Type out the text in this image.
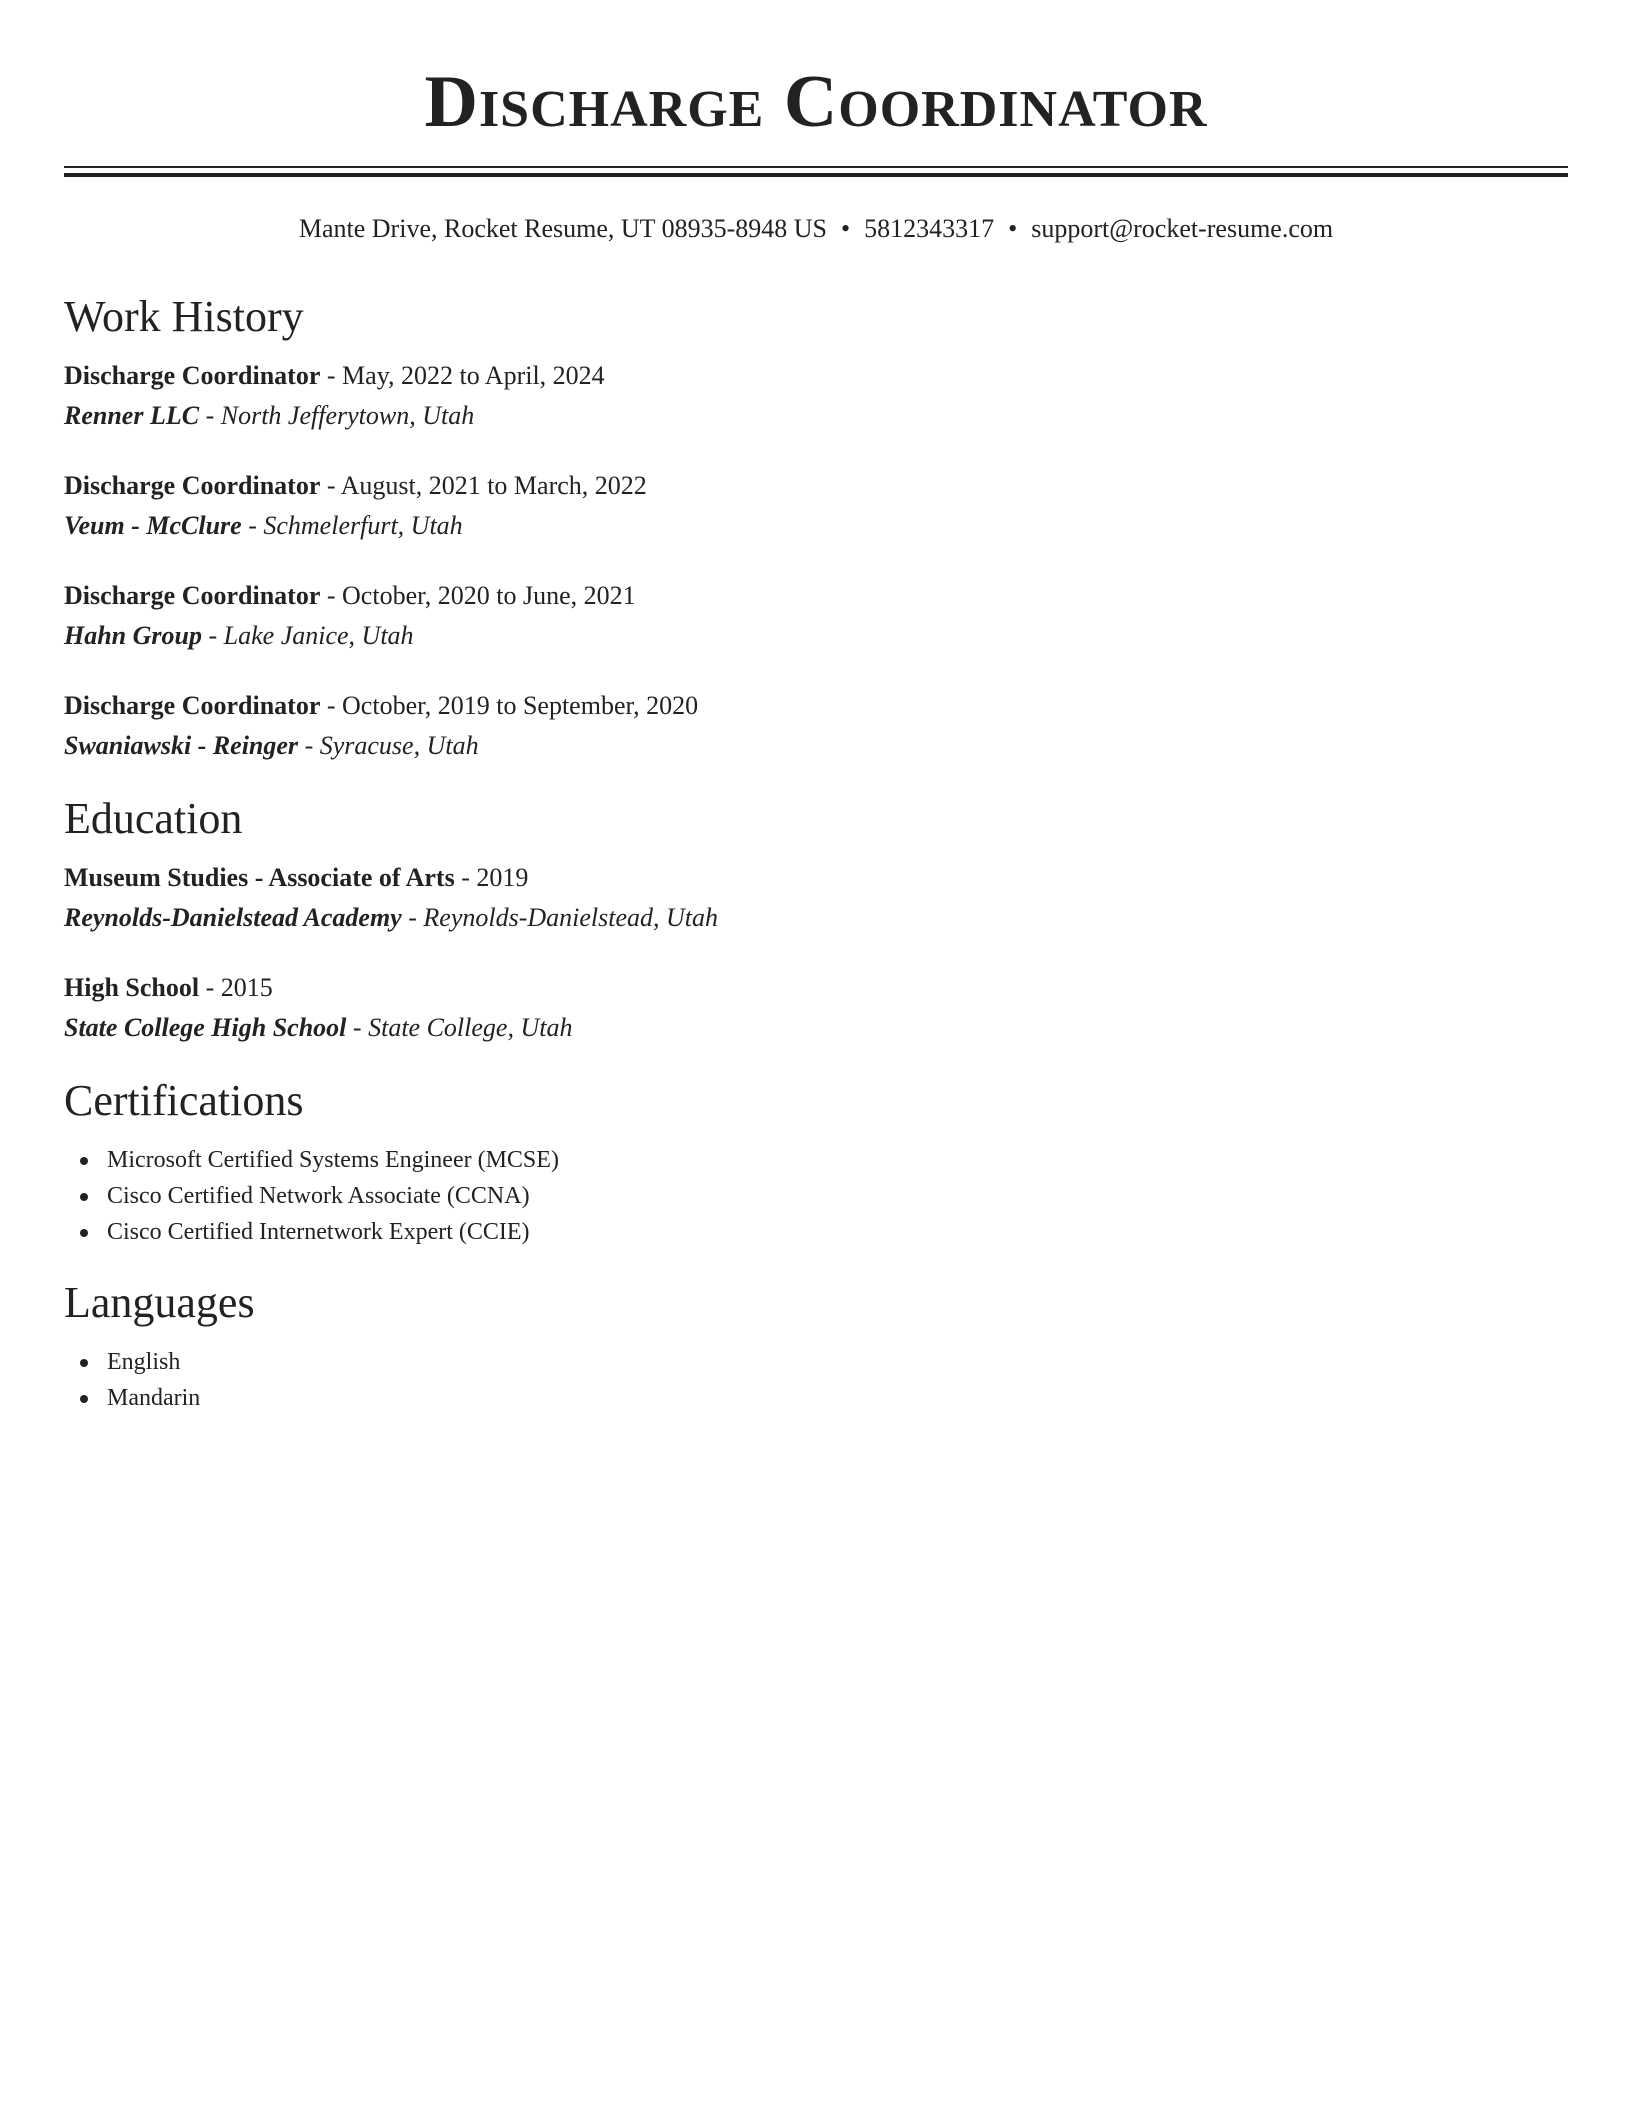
Discharge Coordinator
Mante Drive, Rocket Resume, UT 08935-8948 US • 5812343317 • support@rocket-resume.com
Work History
Discharge Coordinator - May, 2022 to April, 2024
Renner LLC - North Jefferytown, Utah
Discharge Coordinator - August, 2021 to March, 2022
Veum - McClure - Schmelerfurt, Utah
Discharge Coordinator - October, 2020 to June, 2021
Hahn Group - Lake Janice, Utah
Discharge Coordinator - October, 2019 to September, 2020
Swaniawski - Reinger - Syracuse, Utah
Education
Museum Studies - Associate of Arts - 2019
Reynolds-Danielstead Academy - Reynolds-Danielstead, Utah
High School - 2015
State College High School - State College, Utah
Certifications
Microsoft Certified Systems Engineer (MCSE)
Cisco Certified Network Associate (CCNA)
Cisco Certified Internetwork Expert (CCIE)
Languages
English
Mandarin
